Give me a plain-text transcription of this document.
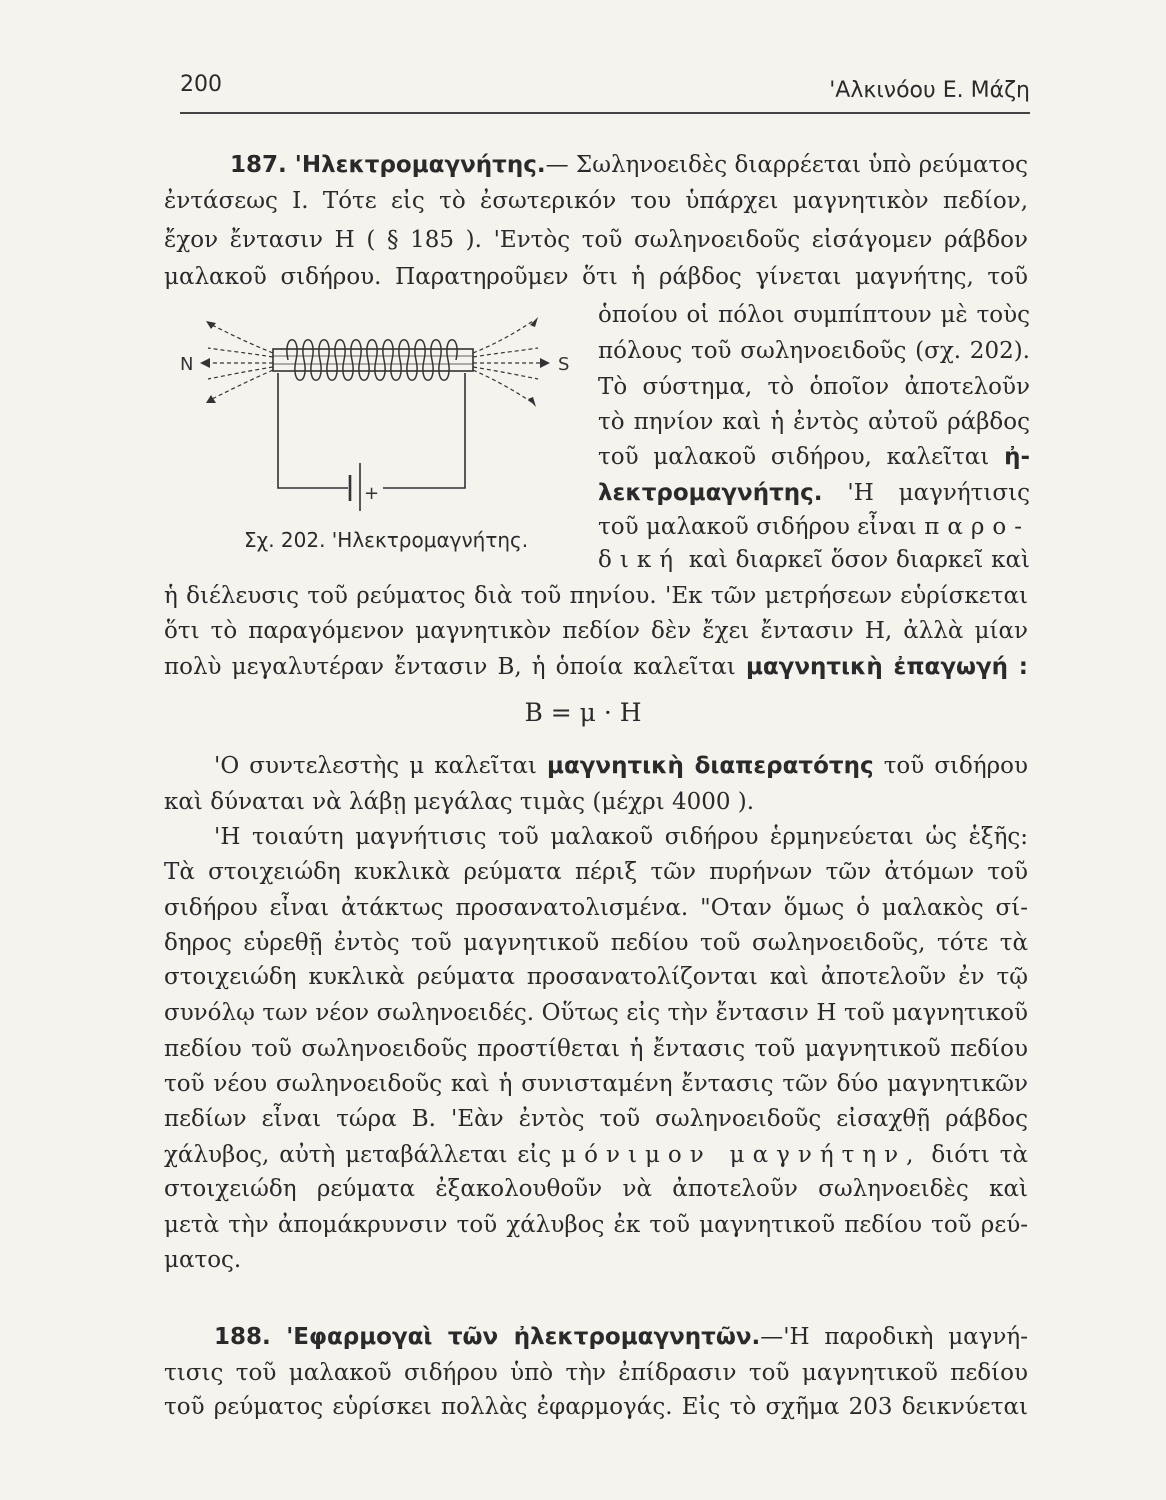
200	'Αλκινόου Ε. Μάζη
187. 'Ηλεκτρομαγνήτης.— Σωληνοειδὲς διαρρέεται ὑπὸ ρεύματος
ἐντάσεως Ι. Τότε εἰς τὸ ἐσωτερικόν του ὑπάρχει μαγνητικὸν πεδίον,
ἔχον ἔντασιν Η ( § 185 ). 'Εντὸς τοῦ σωληνοειδοῦς εἰσάγομεν ράβδον
μαλακοῦ σιδήρου. Παρατηροῦμεν ὅτι ἡ ράβδος γίνεται μαγνήτης, τοῦ
ὁποίου οἱ πόλοι συμπίπτουν μὲ τοὺς
πόλους τοῦ σωληνοειδοῦς (σχ. 202).
Τὸ σύστημα, τὸ ὁποῖον ἀποτελοῦν
τὸ πηνίον καὶ ἡ ἐντὸς αὐτοῦ ράβδος
τοῦ μαλακοῦ σιδήρου, καλεῖται ἠ-
λεκτρομαγνήτης. 'Η μαγνήτισις
τοῦ μαλακοῦ σιδήρου εἶναι παρο-
δική καὶ διαρκεῖ ὅσον διαρκεῖ καὶ
N	S
+
Σχ. 202. 'Ηλεκτρομαγνήτης.
ἡ διέλευσις τοῦ ρεύματος διὰ τοῦ πηνίου. 'Εκ τῶν μετρήσεων εὑρίσκεται
ὅτι τὸ παραγόμενον μαγνητικὸν πεδίον δὲν ἔχει ἔντασιν Η, ἀλλὰ μίαν
πολὺ μεγαλυτέραν ἔντασιν Β, ἡ ὁποία καλεῖται μαγνητικὴ ἐπαγωγή :
Β = μ · Η
'Ο συντελεστὴς μ καλεῖται μαγνητικὴ διαπερατότης τοῦ σιδήρου
καὶ δύναται νὰ λάβῃ μεγάλας τιμὰς (μέχρι 4000 ).
'Η τοιαύτη μαγνήτισις τοῦ μαλακοῦ σιδήρου ἑρμηνεύεται ὡς ἑξῆς:
Τὰ στοιχειώδη κυκλικὰ ρεύματα πέριξ τῶν πυρήνων τῶν ἀτόμων τοῦ
σιδήρου εἶναι ἀτάκτως προσανατολισμένα. "Οταν ὅμως ὁ μαλακὸς σί-
δηρος εὑρεθῇ ἐντὸς τοῦ μαγνητικοῦ πεδίου τοῦ σωληνοειδοῦς, τότε τὰ
στοιχειώδη κυκλικὰ ρεύματα προσανατολίζονται καὶ ἀποτελοῦν ἐν τῷ
συνόλῳ των νέον σωληνοειδές. Οὕτως εἰς τὴν ἔντασιν Η τοῦ μαγνητικοῦ
πεδίου τοῦ σωληνοειδοῦς προστίθεται ἡ ἔντασις τοῦ μαγνητικοῦ πεδίου
τοῦ νέου σωληνοειδοῦς καὶ ἡ συνισταμένη ἔντασις τῶν δύο μαγνητικῶν
πεδίων εἶναι τώρα Β. 'Εὰν ἐντὸς τοῦ σωληνοειδοῦς εἰσαχθῇ ράβδος
χάλυβος, αὐτὴ μεταβάλλεται εἰς μόνιμον μαγνήτην, διότι τὰ
στοιχειώδη ρεύματα ἐξακολουθοῦν νὰ ἀποτελοῦν σωληνοειδὲς καὶ
μετὰ τὴν ἀπομάκρυνσιν τοῦ χάλυβος ἐκ τοῦ μαγνητικοῦ πεδίου τοῦ ρεύ-
ματος.
188. 'Εφαρμογαὶ τῶν ἠλεκτρομαγνητῶν.—'Η παροδικὴ μαγνή-
τισις τοῦ μαλακοῦ σιδήρου ὑπὸ τὴν ἐπίδρασιν τοῦ μαγνητικοῦ πεδίου
τοῦ ρεύματος εὑρίσκει πολλὰς ἐφαρμογάς. Εἰς τὸ σχῆμα 203 δεικνύεται
